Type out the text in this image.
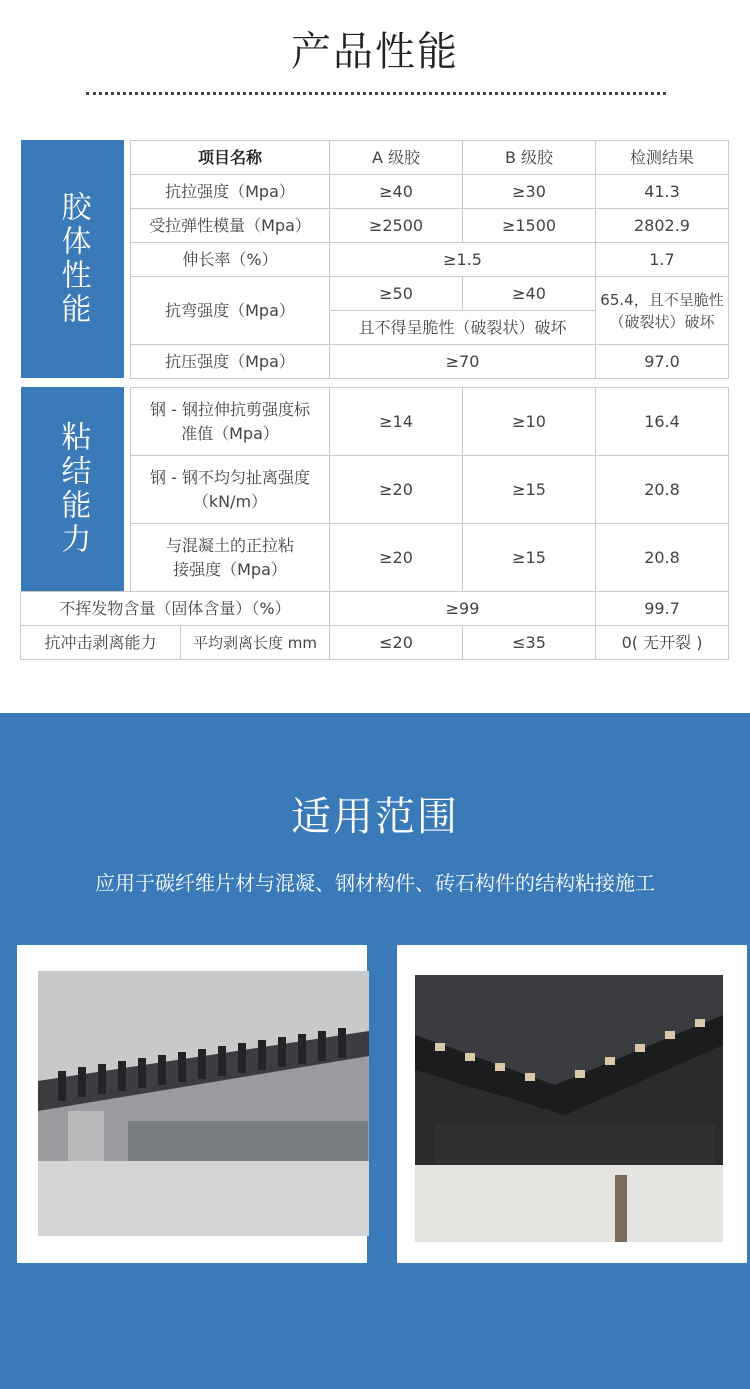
产品性能
胶体性能
项目名称	A 级胶	B 级胶	检测结果
抗拉强度（Mpa）	≥40	≥30	41.3
受拉弹性模量（Mpa）	≥2500	≥1500	2802.9
伸长率（%）	≥1.5		1.7
抗弯强度（Mpa）	≥50	≥40	65.4，且不呈脆性（破裂状）破坏
	且不得呈脆性（破裂状）破坏		
抗压强度（Mpa）	≥70		97.0
粘结能力
钢 - 钢拉伸抗剪强度标准值（Mpa）	≥14	≥10	16.4
钢 - 钢不均匀扯离强度（kN/m）	≥20	≥15	20.8
与混凝土的正拉粘接强度（Mpa）	≥20	≥15	20.8
不挥发物含量（固体含量）（%）		≥99		99.7
抗冲击剥离能力	平均剥离长度 mm	≤20	≤35	0( 无开裂 )
适用范围
应用于碳纤维片材与混凝、钢材构件、砖石构件的结构粘接施工
